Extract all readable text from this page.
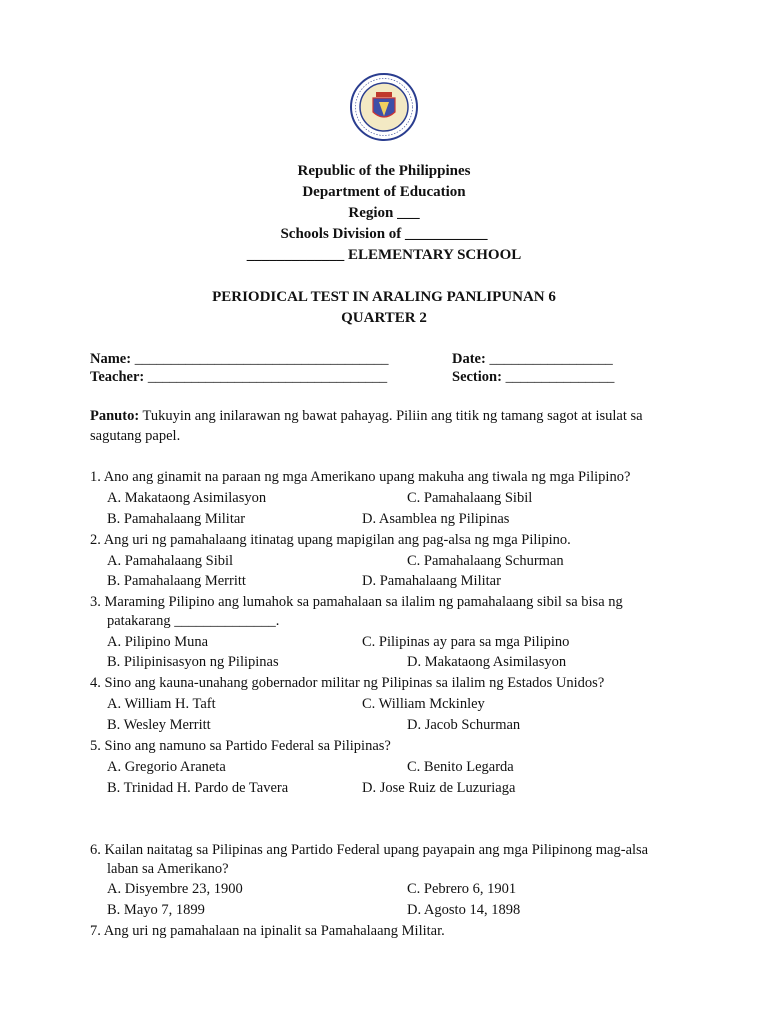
Republic of the Philippines
Department of Education
Region ___
Schools Division of ___________
_____________ ELEMENTARY SCHOOL
PERIODICAL TEST IN ARALING PANLIPUNAN 6
QUARTER 2
Name: ___________________________________	Date: _________________
Teacher: _________________________________	Section: _______________
Panuto: Tukuyin ang inilarawan ng bawat pahayag. Piliin ang titik ng tamang sagot at isulat sa
sagutang papel.
1. Ano ang ginamit na paraan ng mga Amerikano upang makuha ang tiwala ng mga Pilipino?
A. Makataong Asimilasyon	C. Pamahalaang Sibil
B. Pamahalaang Militar	D. Asamblea ng Pilipinas
2. Ang uri ng pamahalaang itinatag upang mapigilan ang pag-alsa ng mga Pilipino.
A. Pamahalaang Sibil	C. Pamahalaang Schurman
B. Pamahalaang Merritt	D. Pamahalaang Militar
3. Maraming Pilipino ang lumahok sa pamahalaan sa ilalim ng pamahalaang sibil sa bisa ng
patakarang ______________.
A. Pilipino Muna	C. Pilipinas ay para sa mga Pilipino
B. Pilipinisasyon ng Pilipinas	D. Makataong Asimilasyon
4. Sino ang kauna-unahang gobernador militar ng Pilipinas sa ilalim ng Estados Unidos?
A. William H. Taft	C. William Mckinley
B. Wesley Merritt	D. Jacob Schurman
5. Sino ang namuno sa Partido Federal sa Pilipinas?
A. Gregorio Araneta	C. Benito Legarda
B. Trinidad H. Pardo de Tavera	D. Jose Ruiz de Luzuriaga
6. Kailan naitatag sa Pilipinas ang Partido Federal upang payapain ang mga Pilipinong mag-alsa
laban sa Amerikano?
A. Disyembre 23, 1900	C. Pebrero 6, 1901
B. Mayo 7, 1899	D. Agosto 14, 1898
7. Ang uri ng pamahalaan na ipinalit sa Pamahalaang Militar.
